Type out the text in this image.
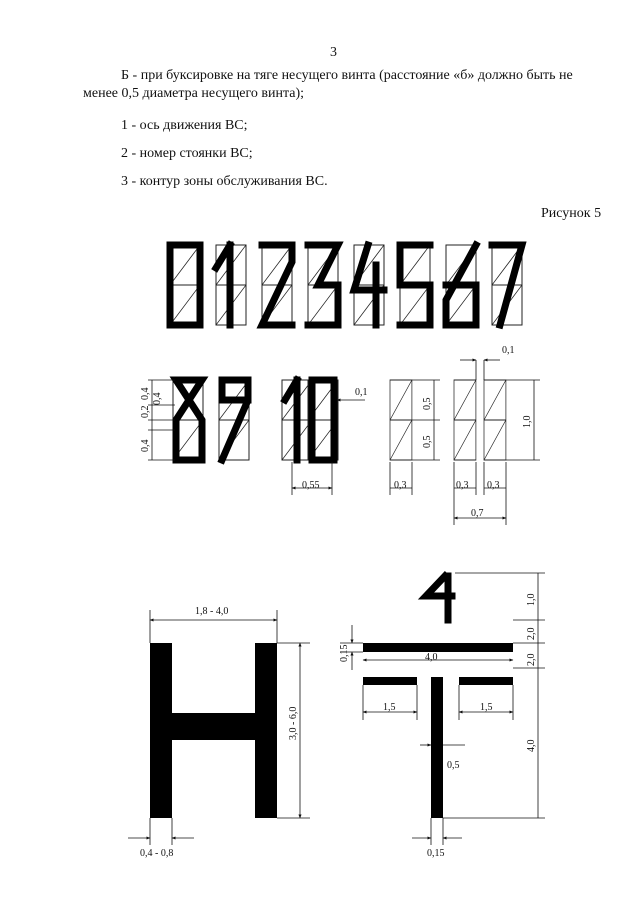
3
Б - при буксировке на тяге несущего винта (расстояние «б» должно быть не
менее 0,5 диаметра несущего винта);
1 - ось движения ВС;
2 - номер стоянки ВС;
3 - контур зоны обслуживания ВС.
Рисунок 5
0,1
0,1
0,4
0,2
0,4
0,4
0,55
0,5
0,5
1,0
0,3	0,3 0,3
0,7
1,8 - 4,0
3,0 - 6,0
0,4 - 0,8
0,15	4,0
1,5	1,5
0,5
0,15
1,0
2,0
2,0
4,0
